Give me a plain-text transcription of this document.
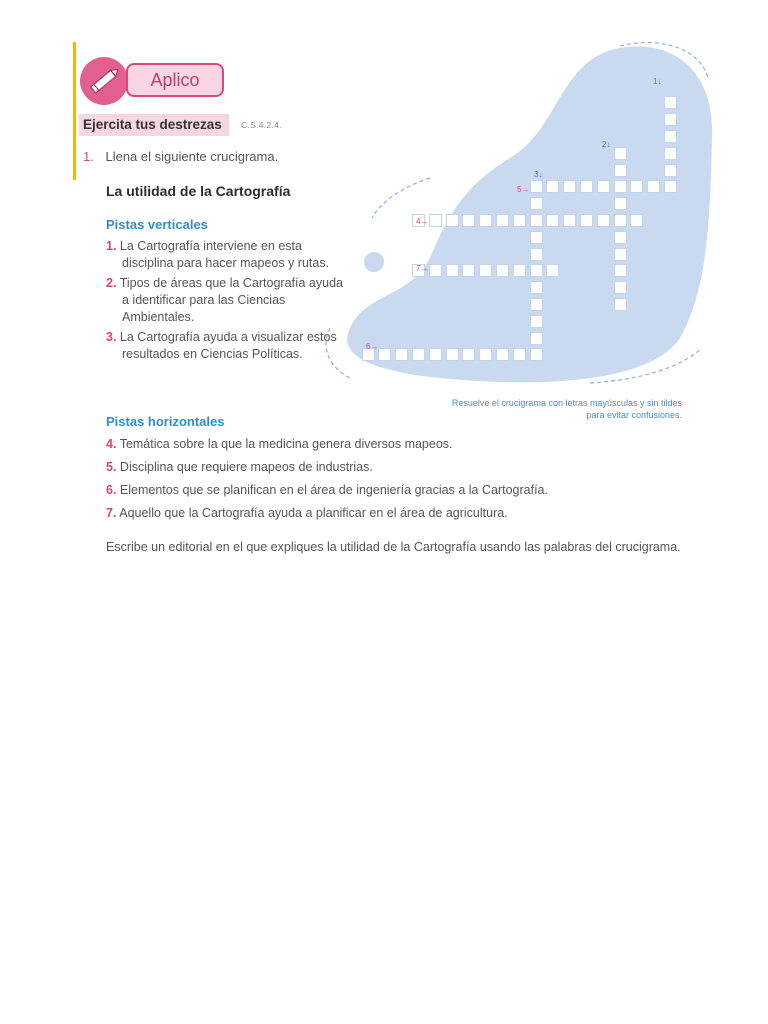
Aplico
Ejercita tus destrezas C.S.4.2.4.
1. Llena el siguiente crucigrama.
La utilidad de la Cartografía
Pistas verticales
1. La Cartografía interviene en esta disciplina para hacer mapeos y rutas.
2. Tipos de áreas que la Cartografía ayuda a identificar para las Ciencias Ambientales.
3. La Cartografía ayuda a visualizar estos resultados en Ciencias Políticas.
1↓
2↓
3↓
4→
5→
6→
7→
Resuelve el crucigrama con letras mayúsculas y sin tildes para evitar confusiones.
Pistas horizontales
4. Temática sobre la que la medicina genera diversos mapeos.
5. Disciplina que requiere mapeos de industrias.
6. Elementos que se planifican en el área de ingeniería gracias a la Cartografía.
7. Aquello que la Cartografía ayuda a planificar en el área de agricultura.
Escribe un editorial en el que expliques la utilidad de la Cartografía usando las palabras del crucigrama.
